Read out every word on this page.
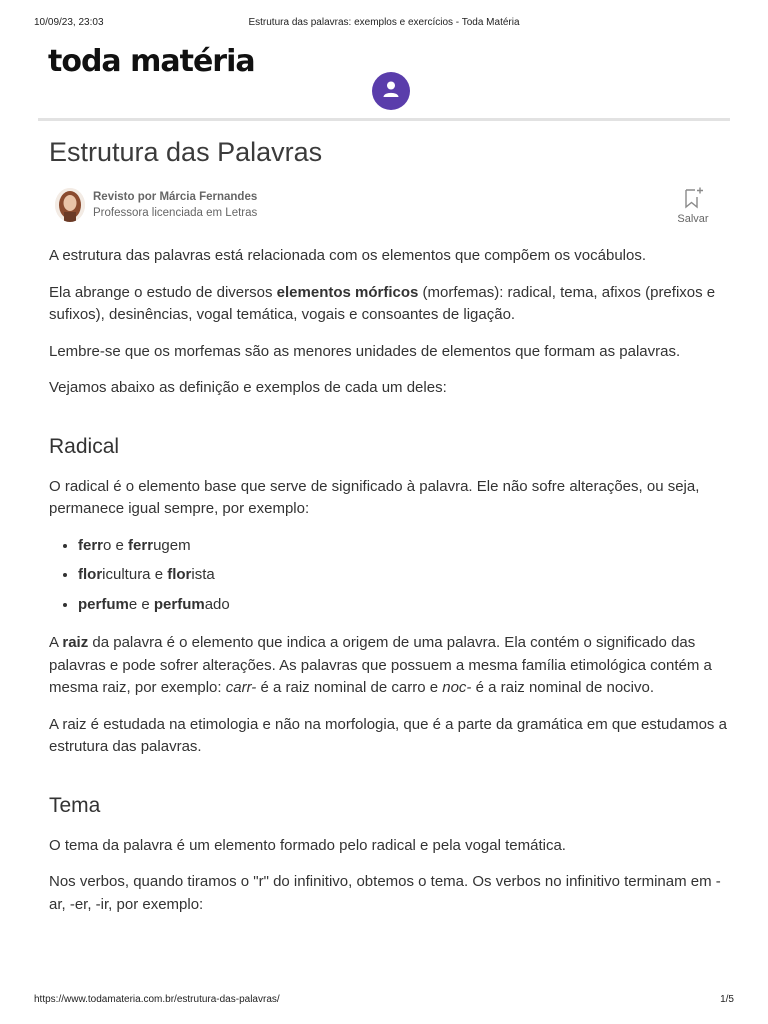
10/09/23, 23:03	Estrutura das palavras: exemplos e exercícios - Toda Matéria
toda matéria
Estrutura das Palavras
Revisto por Márcia Fernandes
Professora licenciada em Letras	Salvar

A estrutura das palavras está relacionada com os elementos que compõem os vocábulos.

Ela abrange o estudo de diversos elementos mórficos (morfemas): radical, tema, afixos (prefixos e sufixos), desinências, vogal temática, vogais e consoantes de ligação.

Lembre-se que os morfemas são as menores unidades de elementos que formam as palavras.

Vejamos abaixo as definição e exemplos de cada um deles:

Radical

O radical é o elemento base que serve de significado à palavra. Ele não sofre alterações, ou seja, permanece igual sempre, por exemplo:

• ferro e ferrugem
• floricultura e florista
• perfume e perfumado

A raiz da palavra é o elemento que indica a origem de uma palavra. Ela contém o significado das palavras e pode sofrer alterações. As palavras que possuem a mesma família etimológica contém a mesma raiz, por exemplo: carr- é a raiz nominal de carro e noc- é a raiz nominal de nocivo.

A raiz é estudada na etimologia e não na morfologia, que é a parte da gramática em que estudamos a estrutura das palavras.

Tema

O tema da palavra é um elemento formado pelo radical e pela vogal temática.

Nos verbos, quando tiramos o "r" do infinitivo, obtemos o tema. Os verbos no infinitivo terminam em -ar, -er, -ir, por exemplo:

https://www.todamateria.com.br/estrutura-das-palavras/	1/5
